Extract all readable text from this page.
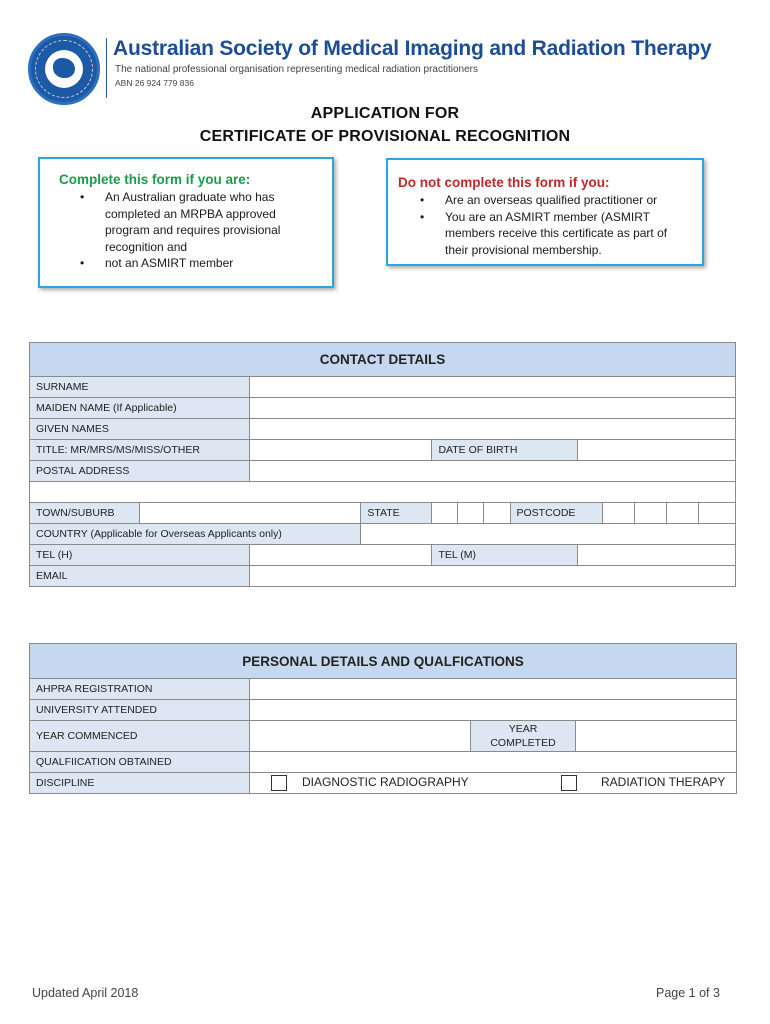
Australian Society of Medical Imaging and Radiation Therapy
The national professional organisation representing medical radiation practitioners
ABN 26 924 779 836
APPLICATION FOR
CERTIFICATE OF PROVISIONAL RECOGNITION
Complete this form if you are:
• An Australian graduate who has completed an MRPBA approved program and requires provisional recognition and
• not an ASMIRT member
Do not complete this form if you:
• Are an overseas qualified practitioner or
• You are an ASMIRT member (ASMIRT members receive this certificate as part of their provisional membership.
CONTACT DETAILS												
SURNAME												
MAIDEN NAME (If Applicable)												
GIVEN NAMES												
TITLE: MR/MRS/MS/MISS/OTHER				DATE OF BIRTH								
POSTAL ADDRESS												

TOWN/SUBURB			STATE				POSTCODE					
COUNTRY (Applicable for Overseas Applicants only)												
TEL (H)				TEL (M)								
EMAIL												
PERSONAL DETAILS AND QUALFICATIONS			
AHPRA REGISTRATION			
UNIVERSITY ATTENDED			
YEAR COMMENCED		YEAR
COMPLETED	

QUALFIICATION OBTAINED			
DISCIPLINE	DIAGNOSTIC RADIOGRAPHY RADIATION THERAPY		
Updated April 2018	Page 1 of 3
